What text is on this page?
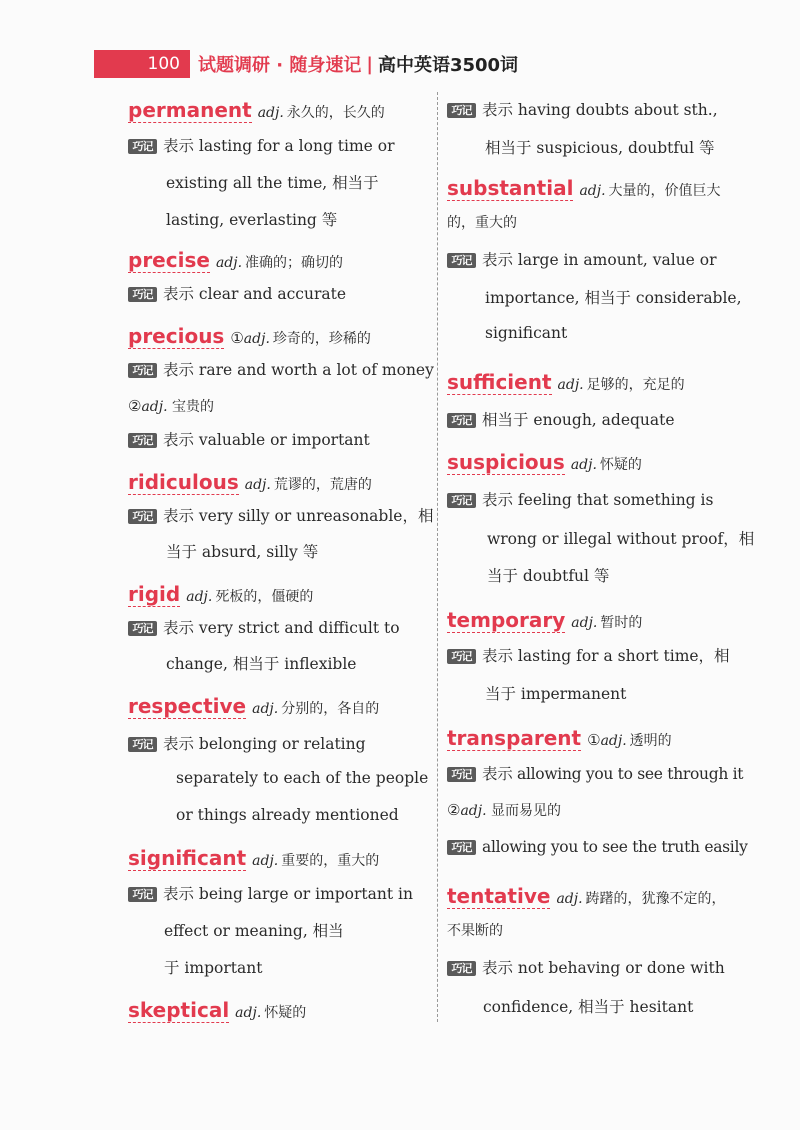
100	试题调研 · 随身速记 | 高中英语3500词
permanent adj. 永久的，长久的
巧记 表示 lasting for a long time or
existing all the time, 相当于
lasting, everlasting 等
precise adj. 准确的；确切的
巧记 表示 clear and accurate
precious ① adj. 珍奇的，珍稀的
巧记 表示 rare and worth a lot of money
②adj. 宝贵的
巧记 表示 valuable or important
ridiculous adj. 荒谬的，荒唐的
巧记 表示 very silly or unreasonable，相
当于 absurd, silly 等
rigid adj. 死板的，僵硬的
巧记 表示 very strict and difficult to
change, 相当于 inflexible
respective adj. 分别的，各自的
巧记 表示 belonging or relating
separately to each of the people
or things already mentioned
significant adj. 重要的，重大的
巧记 表示 being large or important in
effect or meaning, 相当
于 important
skeptical adj. 怀疑的
巧记 表示 having doubts about sth.,
相当于 suspicious, doubtful 等
substantial adj. 大量的，价值巨大
的，重大的
巧记 表示 large in amount, value or
importance, 相当于 considerable,
significant
sufficient adj. 足够的，充足的
巧记 相当于 enough, adequate
suspicious adj. 怀疑的
巧记 表示 feeling that something is
wrong or illegal without proof，相
当于 doubtful 等
temporary adj. 暂时的
巧记 表示 lasting for a short time，相
当于 impermanent
transparent ① adj. 透明的
巧记 表示 allowing you to see through it
②adj. 显而易见的
巧记 allowing you to see the truth easily
tentative adj. 踌躇的，犹豫不定的，
不果断的
巧记 表示 not behaving or done with
confidence, 相当于 hesitant
